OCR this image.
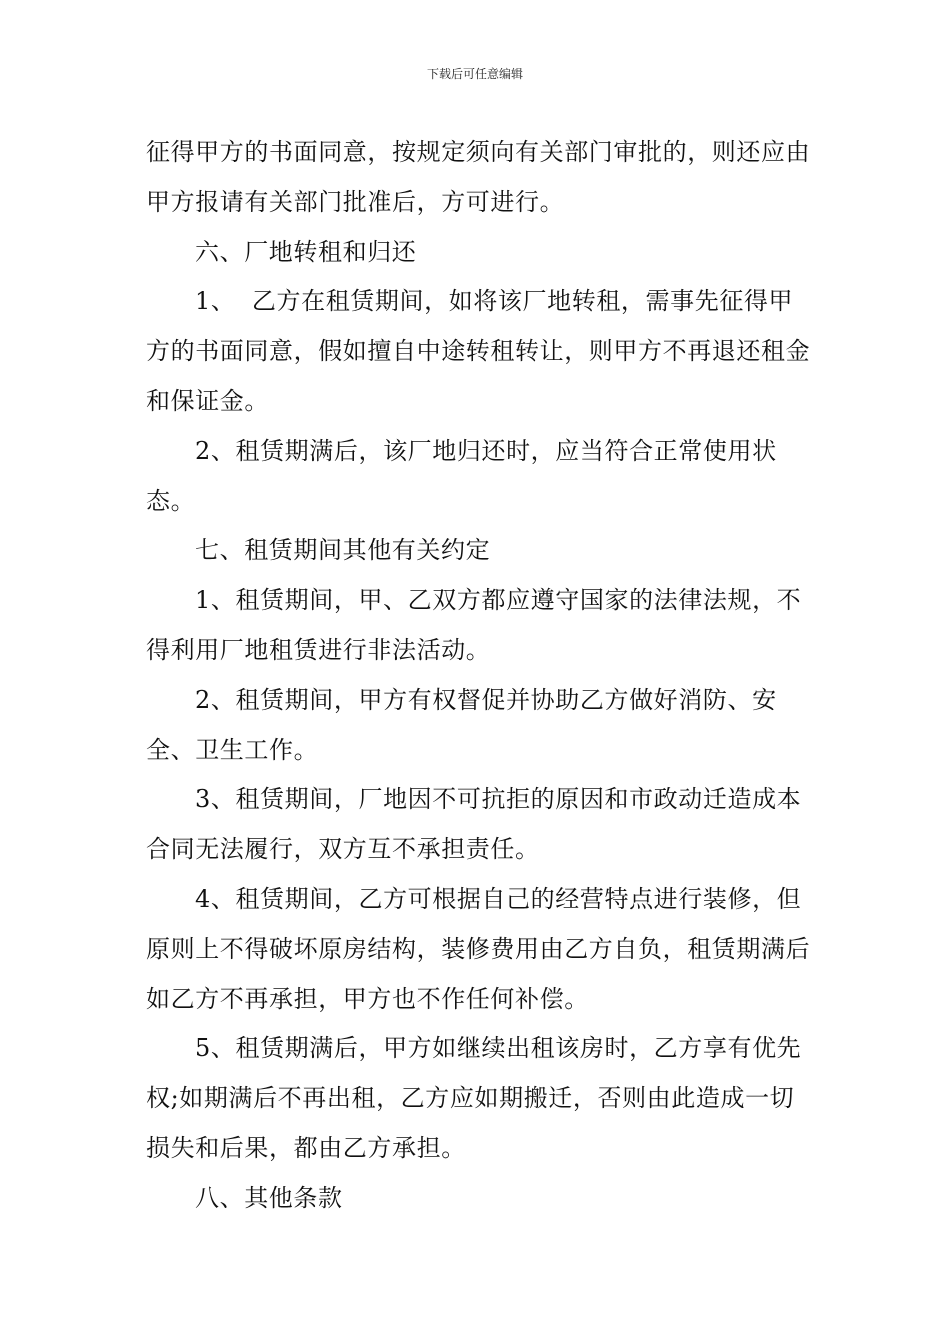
下载后可任意编辑

征得甲方的书面同意，按规定须向有关部门审批的，则还应由甲方报请有关部门批准后，方可进行。

六、厂地转租和归还

1、  乙方在租赁期间，如将该厂地转租，需事先征得甲方的书面同意，假如擅自中途转租转让，则甲方不再退还租金和保证金。

2、租赁期满后，该厂地归还时，应当符合正常使用状态。

七、租赁期间其他有关约定

1、租赁期间，甲、乙双方都应遵守国家的法律法规，不得利用厂地租赁进行非法活动。

2、租赁期间，甲方有权督促并协助乙方做好消防、安全、卫生工作。

3、租赁期间，厂地因不可抗拒的原因和市政动迁造成本合同无法履行，双方互不承担责任。

4、租赁期间，乙方可根据自己的经营特点进行装修，但原则上不得破坏原房结构，装修费用由乙方自负，租赁期满后如乙方不再承担，甲方也不作任何补偿。

5、租赁期满后，甲方如继续出租该房时，乙方享有优先权;如期满后不再出租，乙方应如期搬迁，否则由此造成一切损失和后果，都由乙方承担。

八、其他条款
